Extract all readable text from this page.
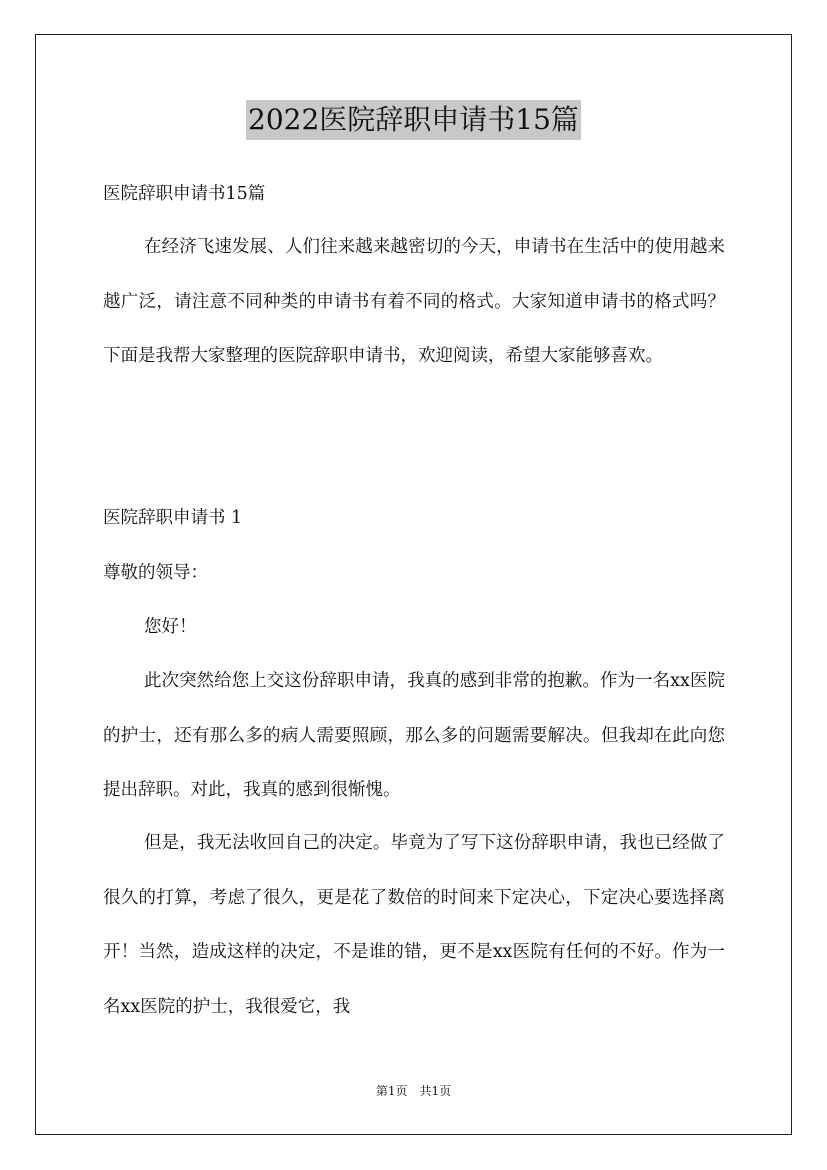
2022医院辞职申请书15篇
医院辞职申请书15篇

在经济飞速发展、人们往来越来越密切的今天，申请书在生活中的使用越来越广泛，请注意不同种类的申请书有着不同的格式。大家知道申请书的格式吗？下面是我帮大家整理的医院辞职申请书，欢迎阅读，希望大家能够喜欢。

医院辞职申请书 1
尊敬的领导：
您好！

此次突然给您上交这份辞职申请，我真的感到非常的抱歉。作为一名xx医院的护士，还有那么多的病人需要照顾，那么多的问题需要解决。但我却在此向您提出辞职。对此，我真的感到很惭愧。

但是，我无法收回自己的决定。毕竟为了写下这份辞职申请，我也已经做了很久的打算，考虑了很久，更是花了数倍的时间来下定决心，下定决心要选择离开！当然，造成这样的决定，不是谁的错，更不是xx医院有任何的不好。作为一名xx医院的护士，我很爱它，我

第1页　共1页
